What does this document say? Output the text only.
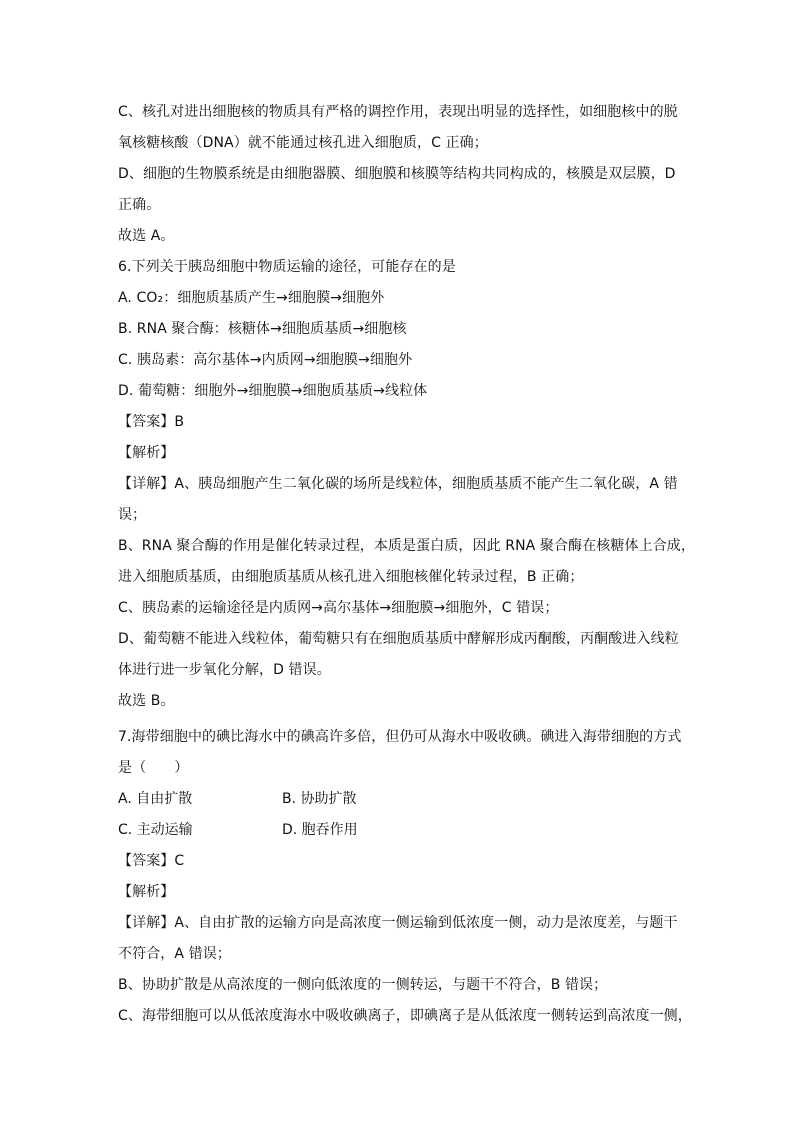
C、核孔对进出细胞核的物质具有严格的调控作用，表现出明显的选择性，如细胞核中的脱
氧核糖核酸（DNA）就不能通过核孔进入细胞质，C 正确；
D、细胞的生物膜系统是由细胞器膜、细胞膜和核膜等结构共同构成的，核膜是双层膜，D
正确。
故选 A。
6.下列关于胰岛细胞中物质运输的途径，可能存在的是
A. CO₂：细胞质基质产生→细胞膜→细胞外
B. RNA 聚合酶：核糖体→细胞质基质→细胞核
C. 胰岛素：高尔基体→内质网→细胞膜→细胞外
D. 葡萄糖：细胞外→细胞膜→细胞质基质→线粒体
【答案】B
【解析】
【详解】A、胰岛细胞产生二氧化碳的场所是线粒体，细胞质基质不能产生二氧化碳，A 错
误；
B、RNA 聚合酶的作用是催化转录过程，本质是蛋白质，因此 RNA 聚合酶在核糖体上合成，
进入细胞质基质，由细胞质基质从核孔进入细胞核催化转录过程，B 正确；
C、胰岛素的运输途径是内质网→高尔基体→细胞膜→细胞外，C 错误；
D、葡萄糖不能进入线粒体，葡萄糖只有在细胞质基质中酵解形成丙酮酸，丙酮酸进入线粒
体进行进一步氧化分解，D 错误。
故选 B。
7.海带细胞中的碘比海水中的碘高许多倍，但仍可从海水中吸收碘。碘进入海带细胞的方式
是（　　）
A. 自由扩散	B. 协助扩散
C. 主动运输	D. 胞吞作用
【答案】C
【解析】
【详解】A、自由扩散的运输方向是高浓度一侧运输到低浓度一侧，动力是浓度差，与题干
不符合，A 错误；
B、协助扩散是从高浓度的一侧向低浓度的一侧转运，与题干不符合，B 错误；
C、海带细胞可以从低浓度海水中吸收碘离子，即碘离子是从低浓度一侧转运到高浓度一侧，
